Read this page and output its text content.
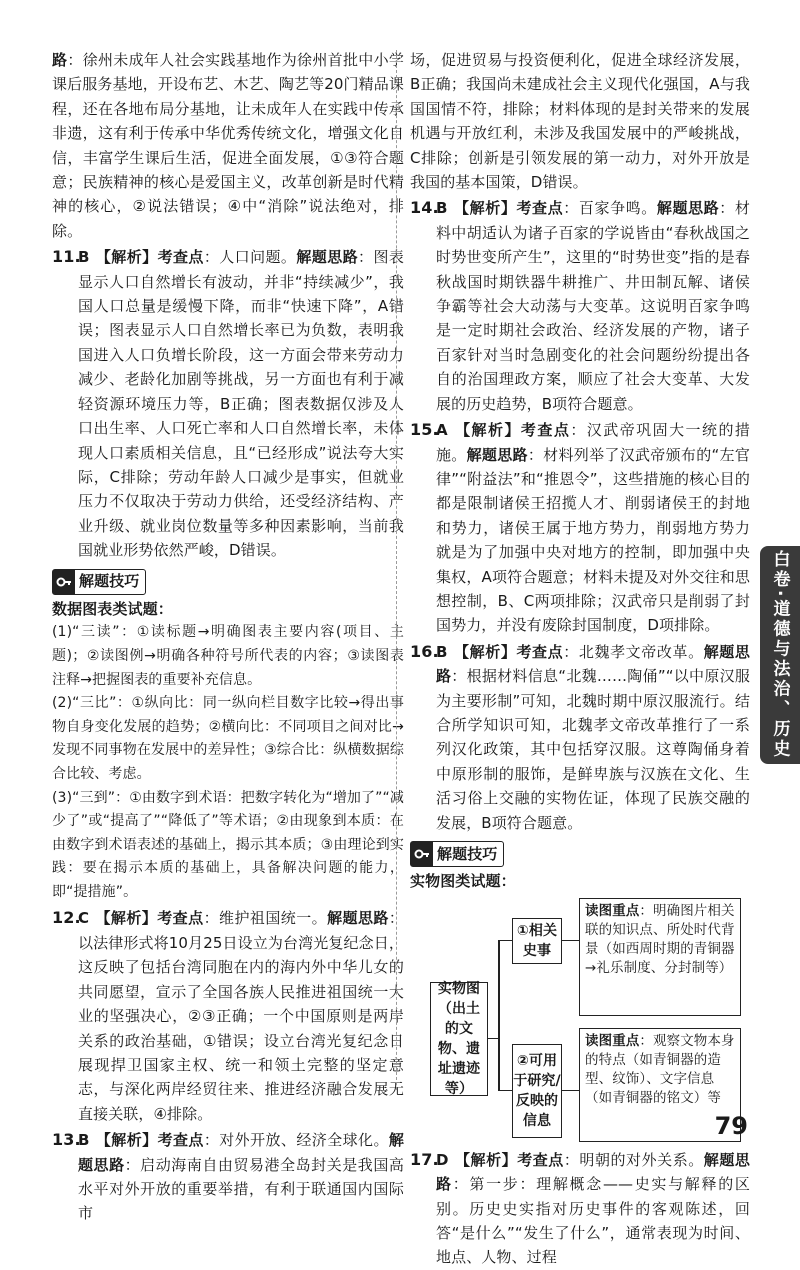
路：徐州未成年人社会实践基地作为徐州首批中小学课后服务基地，开设布艺、木艺、陶艺等20门精品课程，还在各地布局分基地，让未成年人在实践中传承非遗，这有利于传承中华优秀传统文化，增强文化自信，丰富学生课后生活，促进全面发展，①③符合题意；民族精神的核心是爱国主义，改革创新是时代精神的核心，②说法错误；④中“消除”说法绝对，排除。

11.

B 【解析】考查点：人口问题。解题思路：图表显示人口自然增长有波动，并非“持续减少”，我国人口总量是缓慢下降，而非“快速下降”，A错误；图表显示人口自然增长率已为负数，表明我国进入人口负增长阶段，这一方面会带来劳动力减少、老龄化加剧等挑战，另一方面也有利于减轻资源环境压力等，B正确；图表数据仅涉及人口出生率、人口死亡率和人口自然增长率，未体现人口素质相关信息，且“已经形成”说法夸大实际，C排除；劳动年龄人口减少是事实，但就业压力不仅取决于劳动力供给，还受经济结构、产业升级、就业岗位数量等多种因素影响，当前我国就业形势依然严峻，D错误。

解题技巧

数据图表类试题：

(1)“三读”：①读标题→明确图表主要内容(项目、主题)；②读图例→明确各种符号所代表的内容；③读图表注释→把握图表的重要补充信息。

(2)“三比”：①纵向比：同一纵向栏目数字比较→得出事物自身变化发展的趋势；②横向比：不同项目之间对比→发现不同事物在发展中的差异性；③综合比：纵横数据综合比较、考虑。

(3)“三到”：①由数字到术语：把数字转化为“增加了”“减少了”或“提高了”“降低了”等术语；②由现象到本质：在由数字到术语表述的基础上，揭示其本质；③由理论到实践：要在揭示本质的基础上，具备解决问题的能力，即“提措施”。

12.

C 【解析】考查点：维护祖国统一。解题思路：以法律形式将10月25日设立为台湾光复纪念日，这反映了包括台湾同胞在内的海内外中华儿女的共同愿望，宣示了全国各族人民推进祖国统一大业的坚强决心，②③正确；一个中国原则是两岸关系的政治基础，①错误；设立台湾光复纪念日展现捍卫国家主权、统一和领土完整的坚定意志，与深化两岸经贸往来、推进经济融合发展无直接关联，④排除。

13.

B 【解析】考查点：对外开放、经济全球化。解题思路：启动海南自由贸易港全岛封关是我国高水平对外开放的重要举措，有利于联通国内国际市

场，促进贸易与投资便利化，促进全球经济发展，B正确；我国尚未建成社会主义现代化强国，A与我国国情不符，排除；材料体现的是封关带来的发展机遇与开放红利，未涉及我国发展中的严峻挑战，C排除；创新是引领发展的第一动力，对外开放是我国的基本国策，D错误。

14.

B 【解析】考查点：百家争鸣。解题思路：材料中胡适认为诸子百家的学说皆由“春秋战国之时势世变所产生”，这里的“时势世变”指的是春秋战国时期铁器牛耕推广、井田制瓦解、诸侯争霸等社会大动荡与大变革。这说明百家争鸣是一定时期社会政治、经济发展的产物，诸子百家针对当时急剧变化的社会问题纷纷提出各自的治国理政方案，顺应了社会大变革、大发展的历史趋势，B项符合题意。

15.

A 【解析】考查点：汉武帝巩固大一统的措施。解题思路：材料列举了汉武帝颁布的“左官律”“附益法”和“推恩令”，这些措施的核心目的都是限制诸侯王招揽人才、削弱诸侯王的封地和势力，诸侯王属于地方势力，削弱地方势力就是为了加强中央对地方的控制，即加强中央集权，A项符合题意；材料未提及对外交往和思想控制，B、C两项排除；汉武帝只是削弱了封国势力，并没有废除封国制度，D项排除。

16.

B 【解析】考查点：北魏孝文帝改革。解题思路：根据材料信息“北魏……陶俑”“以中原汉服为主要形制”可知，北魏时期中原汉服流行。结合所学知识可知，北魏孝文帝改革推行了一系列汉化政策，其中包括穿汉服。这尊陶俑身着中原形制的服饰，是鲜卑族与汉族在文化、生活习俗上交融的实物佐证，体现了民族交融的发展，B项符合题意。

解题技巧

实物图类试题：

实物图（出土的文物、遗址遗迹等）

①相关史事

②可用于研究/反映的信息

读图重点：明确图片相关联的知识点、所处时代背景（如西周时期的青铜器→礼乐制度、分封制等）

读图重点：观察文物本身的特点（如青铜器的造型、纹饰）、文字信息（如青铜器的铭文）等

17.

D 【解析】考查点：明朝的对外关系。解题思路：第一步：理解概念——史实与解释的区别。历史史实指对历史事件的客观陈述，回答“是什么”“发生了什么”，通常表现为时间、地点、人物、过程

白卷·道德与法治、历史
79
